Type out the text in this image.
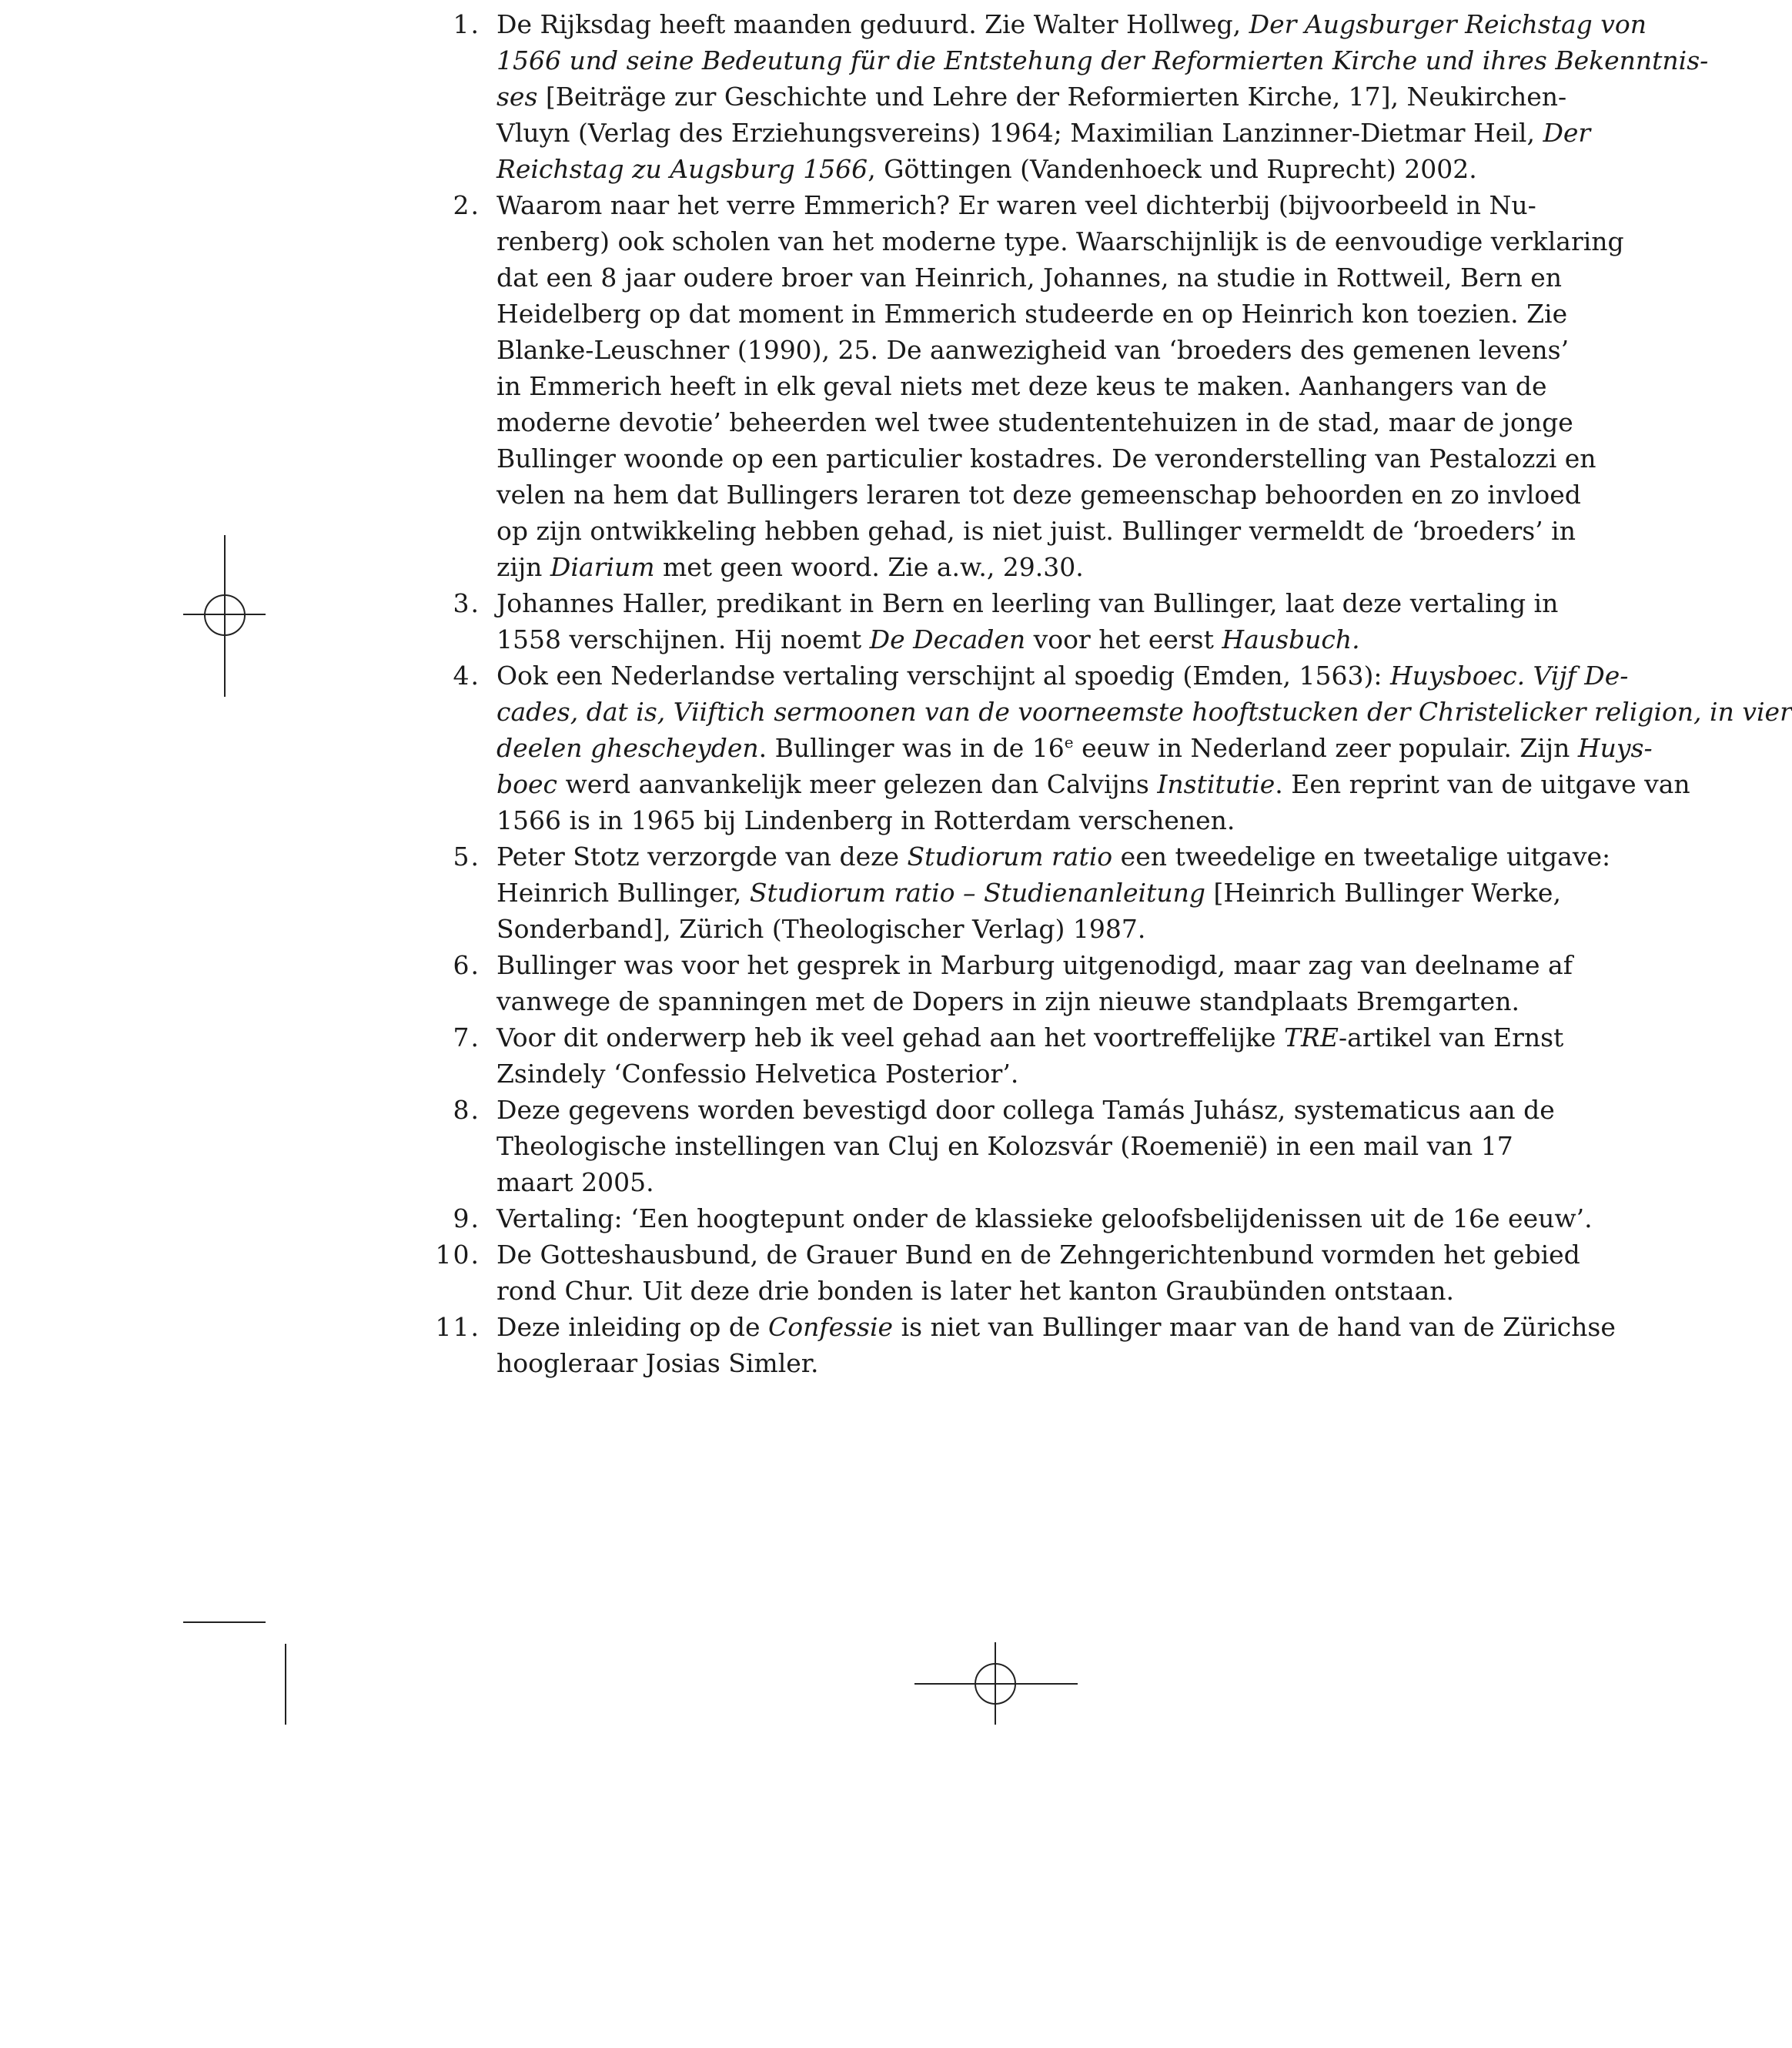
1. De Rijksdag heeft maanden geduurd. Zie Walter Hollweg, Der Augsburger Reichstag von
1566 und seine Bedeutung für die Entstehung der Reformierten Kirche und ihres Bekenntnis-
ses [Beiträge zur Geschichte und Lehre der Reformierten Kirche, 17], Neukirchen-
Vluyn (Verlag des Erziehungsvereins) 1964; Maximilian Lanzinner-Dietmar Heil, Der
Reichstag zu Augsburg 1566, Göttingen (Vandenhoeck und Ruprecht) 2002.
2. Waarom naar het verre Emmerich? Er waren veel dichterbij (bijvoorbeeld in Nu-
renberg) ook scholen van het moderne type. Waarschijnlijk is de eenvoudige verklaring
dat een 8 jaar oudere broer van Heinrich, Johannes, na studie in Rottweil, Bern en
Heidelberg op dat moment in Emmerich studeerde en op Heinrich kon toezien. Zie
Blanke-Leuschner (1990), 25. De aanwezigheid van ‘broeders des gemenen levens’
in Emmerich heeft in elk geval niets met deze keus te maken. Aanhangers van de
moderne devotie’ beheerden wel twee studententehuizen in de stad, maar de jonge
Bullinger woonde op een particulier kostadres. De veronderstelling van Pestalozzi en
velen na hem dat Bullingers leraren tot deze gemeenschap behoorden en zo invloed
op zijn ontwikkeling hebben gehad, is niet juist. Bullinger vermeldt de ‘broeders’ in
zijn Diarium met geen woord. Zie a.w., 29.30.
3. Johannes Haller, predikant in Bern en leerling van Bullinger, laat deze vertaling in
1558 verschijnen. Hij noemt De Decaden voor het eerst Hausbuch.
4. Ook een Nederlandse vertaling verschijnt al spoedig (Emden, 1563): Huysboec. Vijf De-
cades, dat is, Viiftich sermoonen van de voorneemste hooftstucken der Christelicker religion, in vier
deelen ghescheyden. Bullinger was in de 16e eeuw in Nederland zeer populair. Zijn Huys-
boec werd aanvankelijk meer gelezen dan Calvijns Institutie. Een reprint van de uitgave van
1566 is in 1965 bij Lindenberg in Rotterdam verschenen.
5. Peter Stotz verzorgde van deze Studiorum ratio een tweedelige en tweetalige uitgave:
Heinrich Bullinger, Studiorum ratio – Studienanleitung [Heinrich Bullinger Werke,
Sonderband], Zürich (Theologischer Verlag) 1987.
6. Bullinger was voor het gesprek in Marburg uitgenodigd, maar zag van deelname af
vanwege de spanningen met de Dopers in zijn nieuwe standplaats Bremgarten.
7. Voor dit onderwerp heb ik veel gehad aan het voortreffelijke TRE-artikel van Ernst
Zsindely ‘Confessio Helvetica Posterior’.
8. Deze gegevens worden bevestigd door collega Tamás Juhász, systematicus aan de
Theologische instellingen van Cluj en Kolozsvár (Roemenië) in een mail van 17
maart 2005.
9. Vertaling: ‘Een hoogtepunt onder de klassieke geloofsbelijdenissen uit de 16e eeuw’.
10. De Gotteshausbund, de Grauer Bund en de Zehngerichtenbund vormden het gebied
rond Chur. Uit deze drie bonden is later het kanton Graubünden ontstaan.
11. Deze inleiding op de Confessie is niet van Bullinger maar van de hand van de Zürichse
hoogleraar Josias Simler.
